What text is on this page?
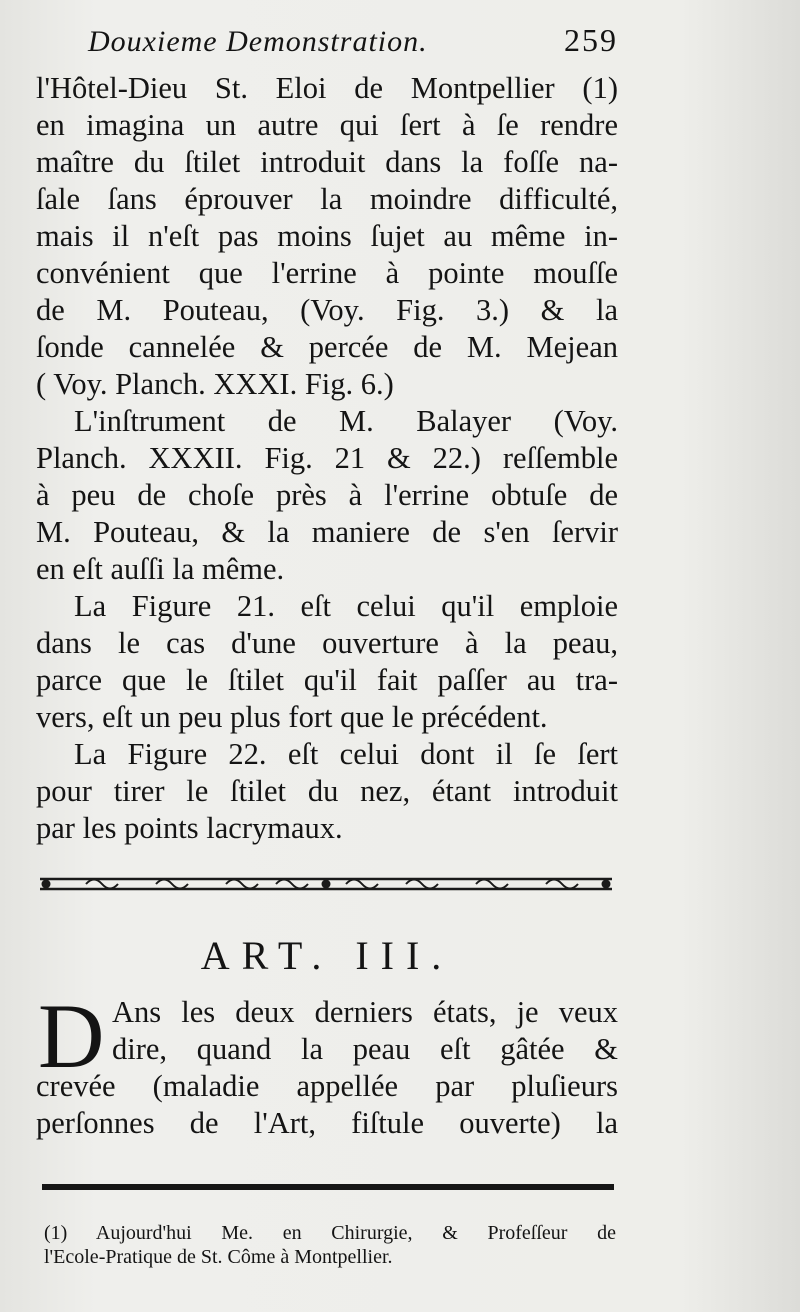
Douxieme Demonstration.	259
l'Hôtel-Dieu St. Eloi de Montpellier (1)
en imagina un autre qui ſert à ſe rendre
maître du ſtilet introduit dans la foſſe na-
ſale ſans éprouver la moindre difficulté,
mais il n'eſt pas moins ſujet au même in-
convénient que l'errine à pointe mouſſe
de M. Pouteau, (Voy. Fig. 3.) & la
ſonde cannelée & percée de M. Mejean
( Voy. Planch. XXXI. Fig. 6.)
L'inſtrument de M. Balayer (Voy.
Planch. XXXII. Fig. 21 & 22.) reſſemble
à peu de choſe près à l'errine obtuſe de
M. Pouteau, & la maniere de s'en ſervir
en eſt auſſi la même.
La Figure 21. eſt celui qu'il emploie
dans le cas d'une ouverture à la peau,
parce que le ſtilet qu'il fait paſſer au tra-
vers, eſt un peu plus fort que le précédent.
La Figure 22. eſt celui dont il ſe ſert
pour tirer le ſtilet du nez, étant introduit
par les points lacrymaux.
ART. III.
D Ans les deux derniers états, je veux
dire, quand la peau eſt gâtée &
crevée (maladie appellée par pluſieurs
perſonnes de l'Art, fiſtule ouverte) la
(1) Aujourd'hui Me. en Chirurgie, & Profeſſeur de
l'Ecole-Pratique de St. Côme à Montpellier.
